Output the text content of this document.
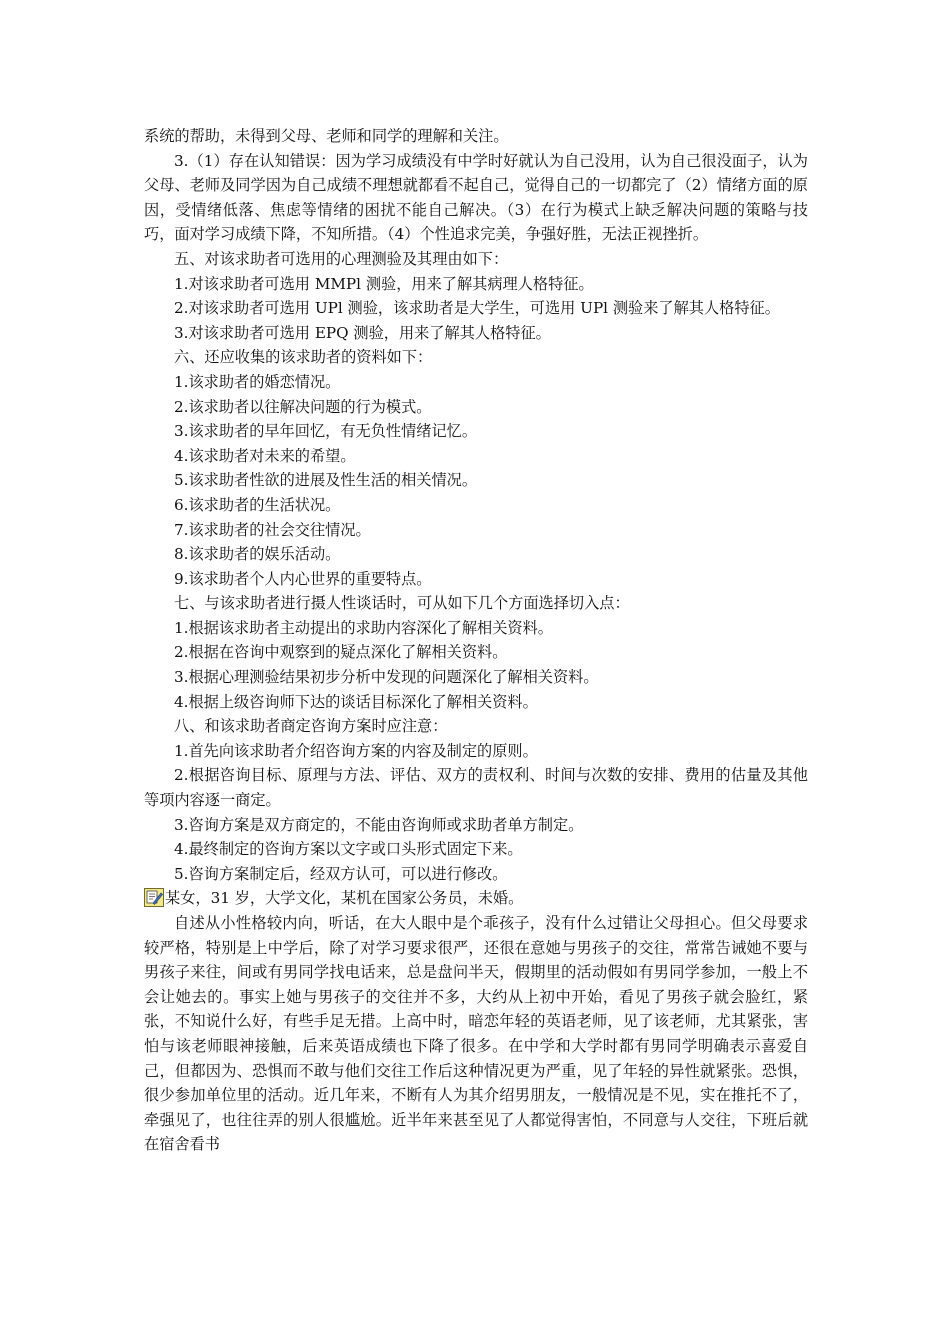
系统的帮助，未得到父母、老师和同学的理解和关注。

3.（1）存在认知错误：因为学习成绩没有中学时好就认为自己没用，认为自己很没面子，认为父母、老师及同学因为自己成绩不理想就都看不起自己，觉得自己的一切都完了（2）情绪方面的原因，受情绪低落、焦虑等情绪的困扰不能自己解决。（3）在行为模式上缺乏解决问题的策略与技巧，面对学习成绩下降，不知所措。（4）个性追求完美，争强好胜，无法正视挫折。

五、对该求助者可选用的心理测验及其理由如下：

1.对该求助者可选用 MMPl 测验，用来了解其病理人格特征。

2.对该求助者可选用 UPl 测验，该求助者是大学生，可选用 UPl 测验来了解其人格特征。

3.对该求助者可选用 EPQ 测验，用来了解其人格特征。

六、还应收集的该求助者的资料如下：

1.该求助者的婚恋情况。

2.该求助者以往解决问题的行为模式。

3.该求助者的早年回忆，有无负性情绪记忆。

4.该求助者对未来的希望。

5.该求助者性欲的进展及性生活的相关情况。

6.该求助者的生活状况。

7.该求助者的社会交往情况。

8.该求助者的娱乐活动。

9.该求助者个人内心世界的重要特点。

七、与该求助者进行摄人性谈话时，可从如下几个方面选择切入点：

1.根据该求助者主动提出的求助内容深化了解相关资料。

2.根据在咨询中观察到的疑点深化了解相关资料。

3.根据心理测验结果初步分析中发现的问题深化了解相关资料。

4.根据上级咨询师下达的谈话目标深化了解相关资料。

八、和该求助者商定咨询方案时应注意：

1.首先向该求助者介绍咨询方案的内容及制定的原则。

2.根据咨询目标、原理与方法、评估、双方的责权利、时间与次数的安排、费用的估量及其他等项内容逐一商定。

3.咨询方案是双方商定的，不能由咨询师或求助者单方制定。

4.最终制定的咨询方案以文字或口头形式固定下来。

5.咨询方案制定后，经双方认可，可以进行修改。

某女，31 岁，大学文化，某机在国家公务员，未婚。

自述从小性格较内向，听话，在大人眼中是个乖孩子，没有什么过错让父母担心。但父母要求较严格，特别是上中学后，除了对学习要求很严，还很在意她与男孩子的交往，常常告诫她不要与男孩子来往，间或有男同学找电话来，总是盘问半天，假期里的活动假如有男同学参加，一般上不会让她去的。事实上她与男孩子的交往并不多，大约从上初中开始，看见了男孩子就会脸红，紧张，不知说什么好，有些手足无措。上高中时，暗恋年轻的英语老师，见了该老师，尤其紧张，害怕与该老师眼神接触，后来英语成绩也下降了很多。在中学和大学时都有男同学明确表示喜爱自己，但都因为、恐惧而不敢与他们交往工作后这种情况更为严重，见了年轻的异性就紧张。恐惧，很少参加单位里的活动。近几年来，不断有人为其介绍男朋友，一般情况是不见，实在推托不了，牵强见了，也往往弄的别人很尴尬。近半年来甚至见了人都觉得害怕，不同意与人交往，下班后就在宿舍看书
